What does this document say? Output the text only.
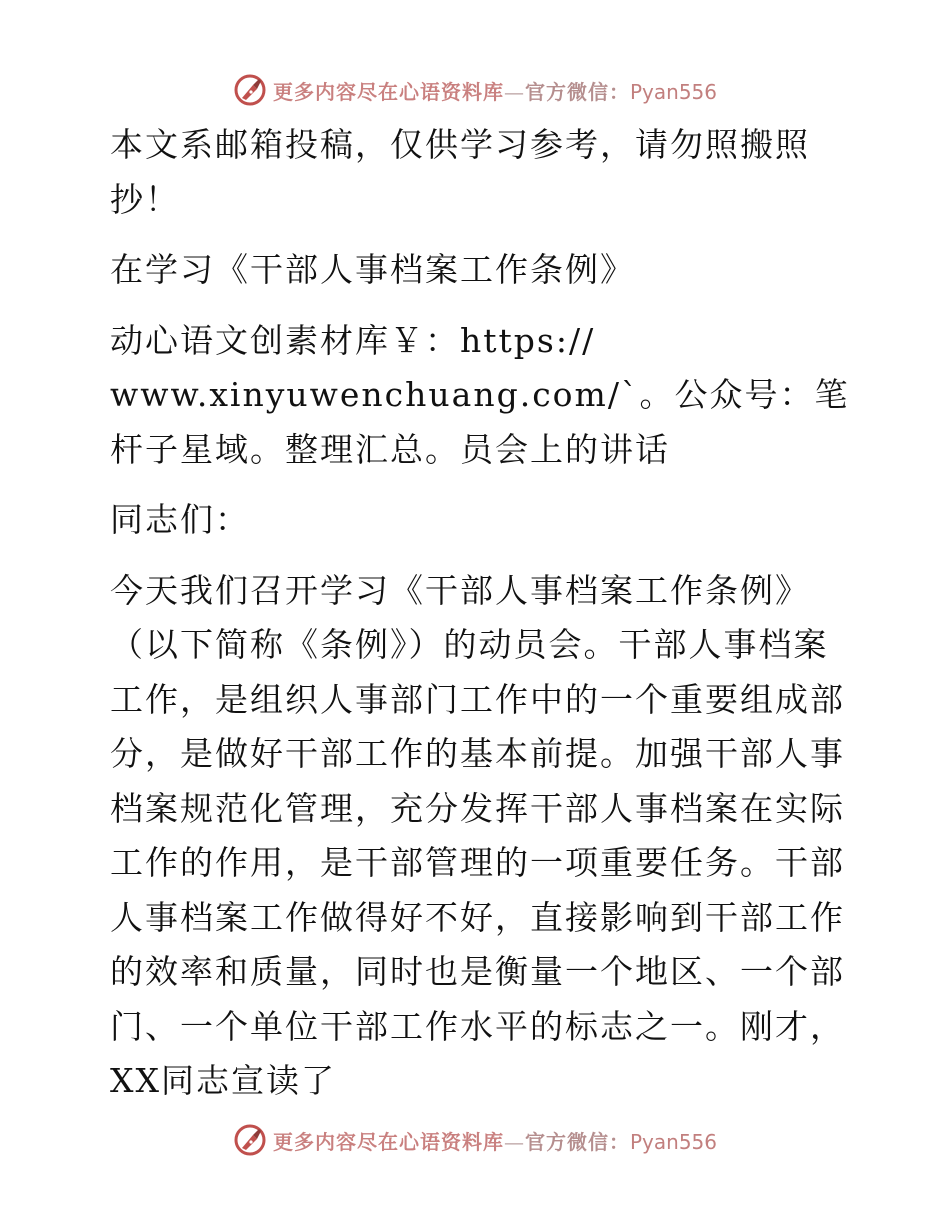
更多内容尽在心语资料库—官方微信：Pyan556

本文系邮箱投稿，仅供学习参考，请勿照搬照抄！

在学习《干部人事档案工作条例》

动心语文创素材库￥：https://
www.xinyuwenchuang.com/`。公众号：笔杆子星域。整理汇总。员会上的讲话

同志们：

今天我们召开学习《干部人事档案工作条例》（以下简称《条例》）的动员会。干部人事档案工作，是组织人事部门工作中的一个重要组成部分，是做好干部工作的基本前提。加强干部人事档案规范化管理，充分发挥干部人事档案在实际工作的作用，是干部管理的一项重要任务。干部人事档案工作做得好不好，直接影响到干部工作的效率和质量，同时也是衡量一个地区、一个部门、一个单位干部工作水平的标志之一。刚才，XX同志宣读了

更多内容尽在心语资料库—官方微信：Pyan556
